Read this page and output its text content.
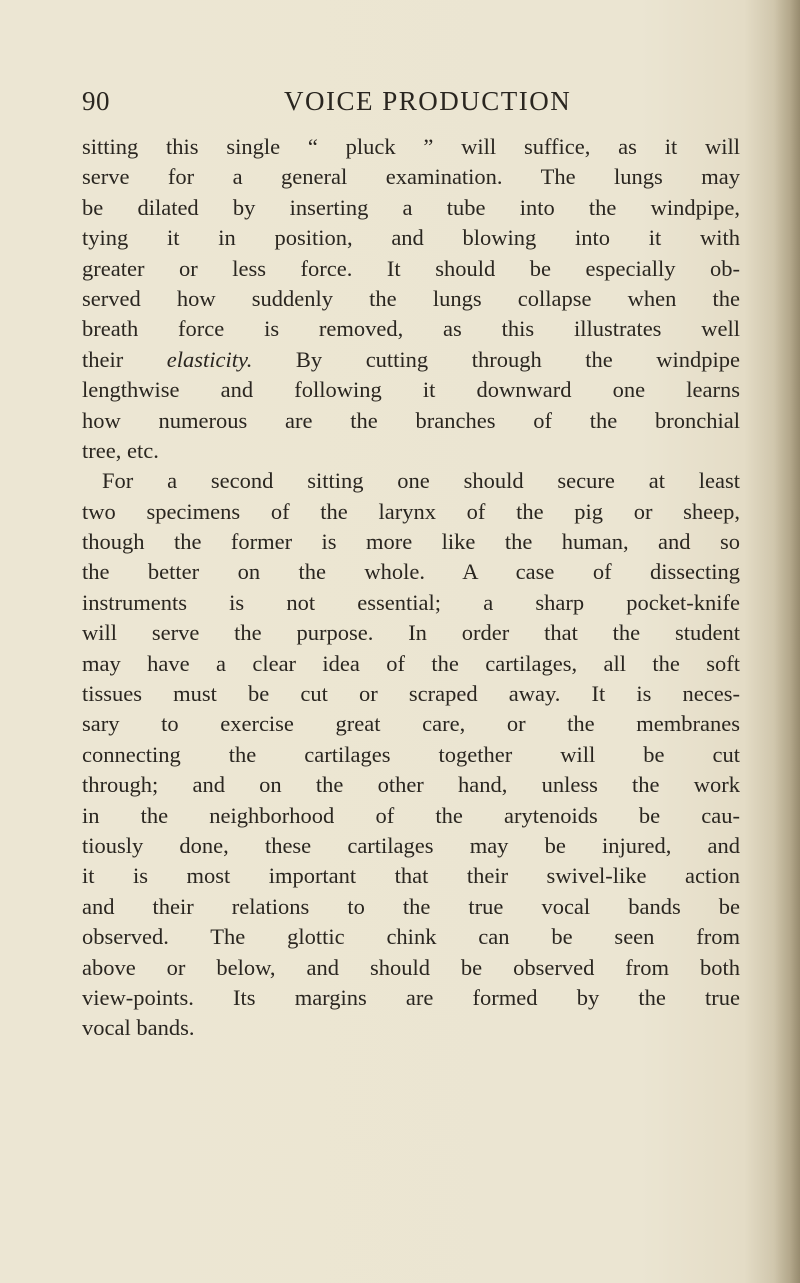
90	VOICE PRODUCTION
sitting this single “ pluck ” will suffice, as it will
serve for a general examination. The lungs may
be dilated by inserting a tube into the windpipe,
tying it in position, and blowing into it with
greater or less force. It should be especially ob-
served how suddenly the lungs collapse when the
breath force is removed, as this illustrates well
their elasticity. By cutting through the windpipe
lengthwise and following it downward one learns
how numerous are the branches of the bronchial
tree, etc.
For a second sitting one should secure at least
two specimens of the larynx of the pig or sheep,
though the former is more like the human, and so
the better on the whole. A case of dissecting
instruments is not essential; a sharp pocket-knife
will serve the purpose. In order that the student
may have a clear idea of the cartilages, all the soft
tissues must be cut or scraped away. It is neces-
sary to exercise great care, or the membranes
connecting the cartilages together will be cut
through; and on the other hand, unless the work
in the neighborhood of the arytenoids be cau-
tiously done, these cartilages may be injured, and
it is most important that their swivel-like action
and their relations to the true vocal bands be
observed. The glottic chink can be seen from
above or below, and should be observed from both
view-points. Its margins are formed by the true
vocal bands.
